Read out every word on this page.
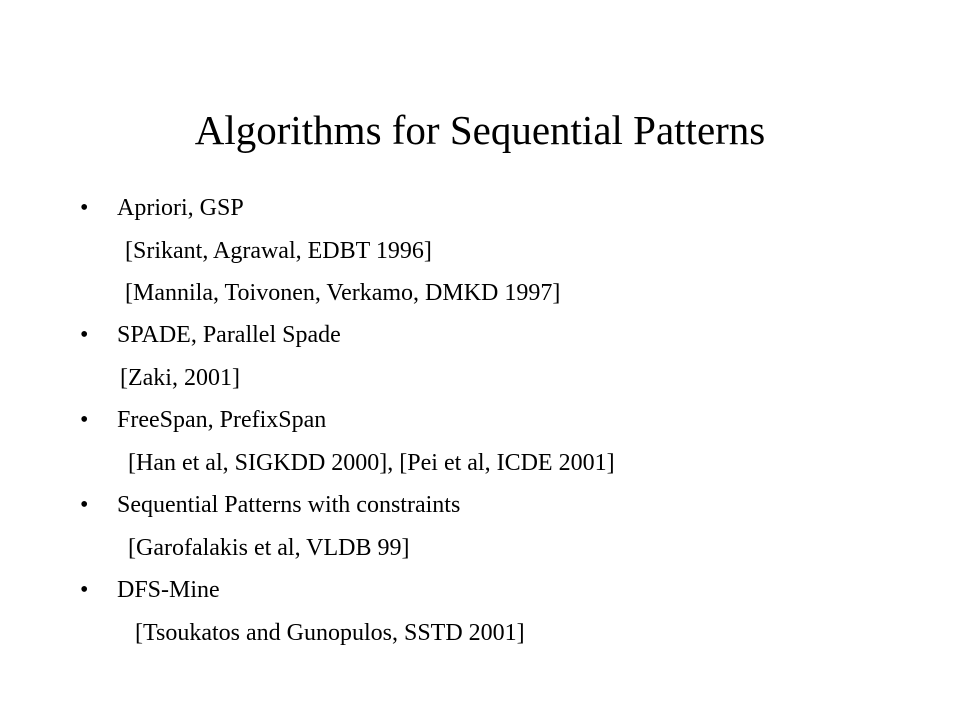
Algorithms for Sequential Patterns
• Apriori, GSP
[Srikant, Agrawal, EDBT 1996]
[Mannila, Toivonen, Verkamo, DMKD 1997]
• SPADE, Parallel Spade
[Zaki, 2001]
• FreeSpan, PrefixSpan
[Han et al, SIGKDD 2000], [Pei et al, ICDE 2001]
• Sequential Patterns with constraints
[Garofalakis et al, VLDB 99]
• DFS-Mine
[Tsoukatos and Gunopulos, SSTD 2001]
